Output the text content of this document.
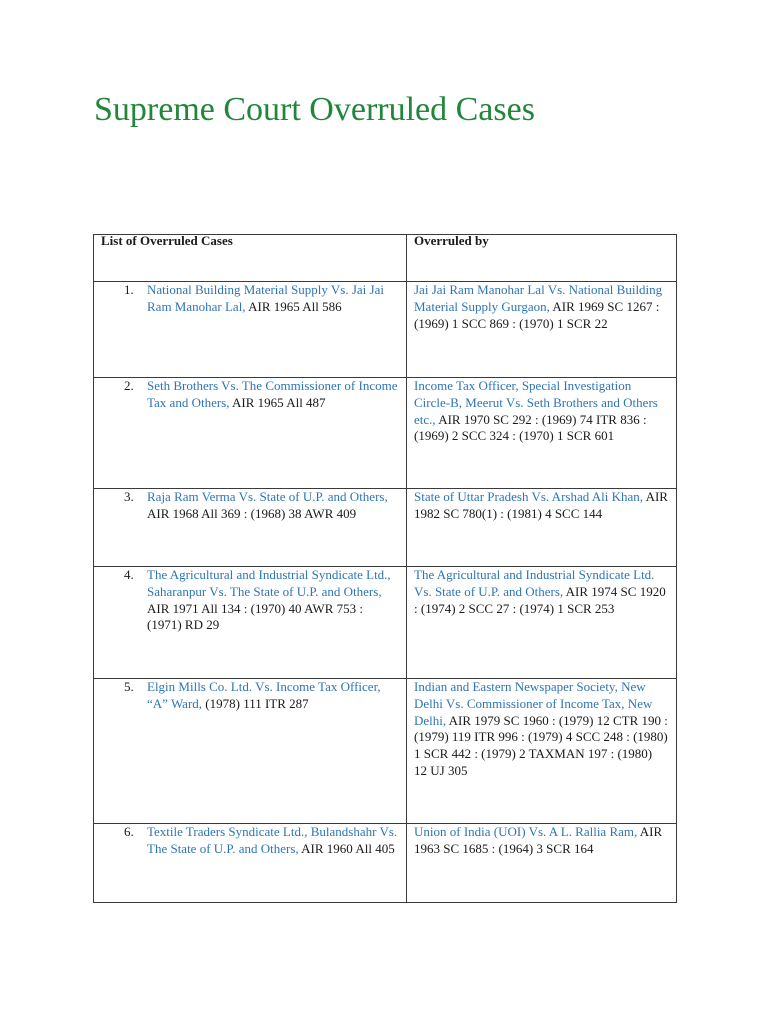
Supreme Court Overruled Cases
List of Overruled Cases	Overruled by

1. National Building Material Supply Vs. Jai Jai Ram Manohar Lal, AIR 1965 All 586	Jai Jai Ram Manohar Lal Vs. National Building Material Supply Gurgaon, AIR 1969 SC 1267 : (1969) 1 SCC 869 : (1970) 1 SCR 22

2. Seth Brothers Vs. The Commissioner of Income Tax and Others, AIR 1965 All 487	Income Tax Officer, Special Investigation Circle-B, Meerut Vs. Seth Brothers and Others etc., AIR 1970 SC 292 : (1969) 74 ITR 836 : (1969) 2 SCC 324 : (1970) 1 SCR 601

3. Raja Ram Verma Vs. State of U.P. and Others, AIR 1968 All 369 : (1968) 38 AWR 409	State of Uttar Pradesh Vs. Arshad Ali Khan, AIR 1982 SC 780(1) : (1981) 4 SCC 144

4. The Agricultural and Industrial Syndicate Ltd., Saharanpur Vs. The State of U.P. and Others, AIR 1971 All 134 : (1970) 40 AWR 753 : (1971) RD 29	The Agricultural and Industrial Syndicate Ltd. Vs. State of U.P. and Others, AIR 1974 SC 1920 : (1974) 2 SCC 27 : (1974) 1 SCR 253

5. Elgin Mills Co. Ltd. Vs. Income Tax Officer, “A” Ward, (1978) 111 ITR 287	Indian and Eastern Newspaper Society, New Delhi Vs. Commissioner of Income Tax, New Delhi, AIR 1979 SC 1960 : (1979) 12 CTR 190 : (1979) 119 ITR 996 : (1979) 4 SCC 248 : (1980) 1 SCR 442 : (1979) 2 TAXMAN 197 : (1980) 12 UJ 305

6. Textile Traders Syndicate Ltd., Bulandshahr Vs. The State of U.P. and Others, AIR 1960 All 405	Union of India (UOI) Vs. A L. Rallia Ram, AIR 1963 SC 1685 : (1964) 3 SCR 164
